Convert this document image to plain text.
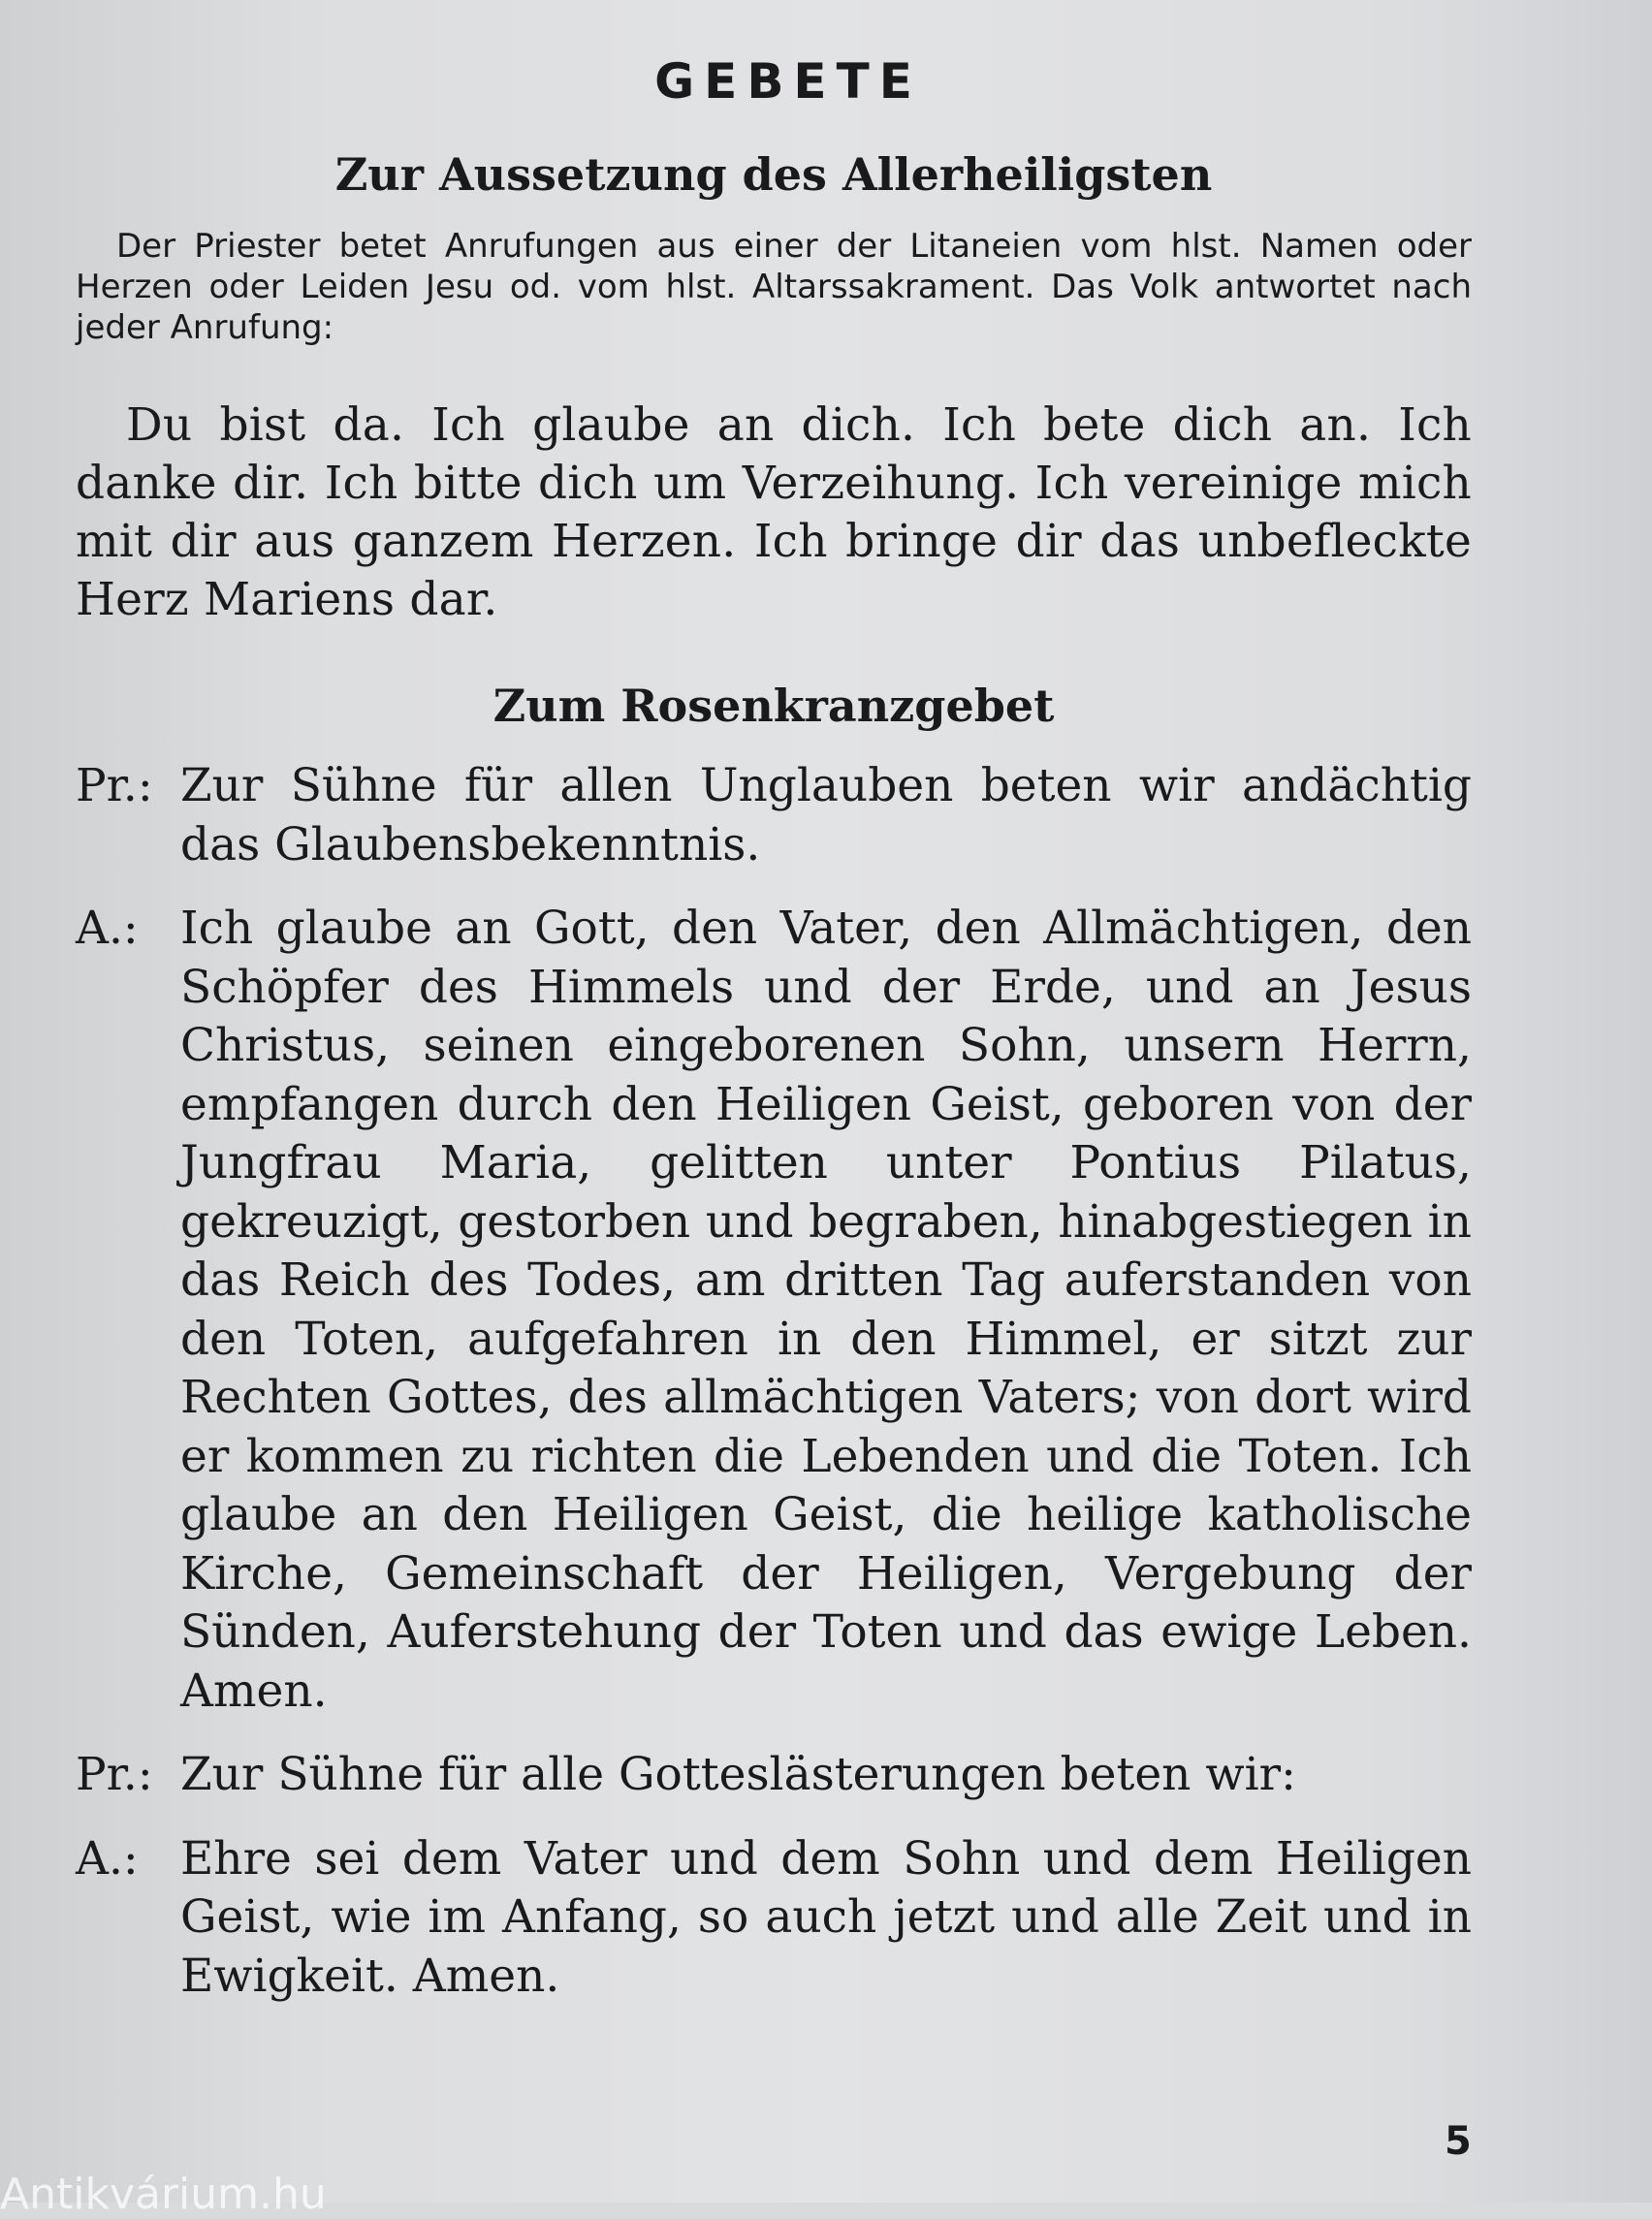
GEBETE
Zur Aussetzung des Allerheiligsten

Der Priester betet Anrufungen aus einer der Litaneien vom hlst. Namen oder Herzen oder Leiden Jesu od. vom hlst. Altarssakrament. Das Volk antwortet nach jeder Anrufung:

Du bist da. Ich glaube an dich. Ich bete dich an. Ich danke dir. Ich bitte dich um Verzeihung. Ich vereinige mich mit dir aus ganzem Herzen. Ich bringe dir das unbefleckte Herz Mariens dar.

Zum Rosenkranzgebet
Pr.: Zur Sühne für allen Unglauben beten wir andächtig das Glaubensbekenntnis.
A.: Ich glaube an Gott, den Vater, den Allmächtigen, den Schöpfer des Himmels und der Erde, und an Jesus Christus, seinen eingeborenen Sohn, unsern Herrn, empfangen durch den Heiligen Geist, geboren von der Jungfrau Maria, gelitten unter Pontius Pilatus, gekreuzigt, gestorben und begraben, hinabgestiegen in das Reich des Todes, am dritten Tag auferstanden von den Toten, aufgefahren in den Himmel, er sitzt zur Rechten Gottes, des allmächtigen Vaters; von dort wird er kommen zu richten die Lebenden und die Toten. Ich glaube an den Heiligen Geist, die heilige katholische Kirche, Gemeinschaft der Heiligen, Vergebung der Sünden, Auferstehung der Toten und das ewige Leben. Amen.
Pr.: Zur Sühne für alle Gotteslästerungen beten wir:
A.: Ehre sei dem Vater und dem Sohn und dem Heiligen Geist, wie im Anfang, so auch jetzt und alle Zeit und in Ewigkeit. Amen.
5
Antikvárium.hu
